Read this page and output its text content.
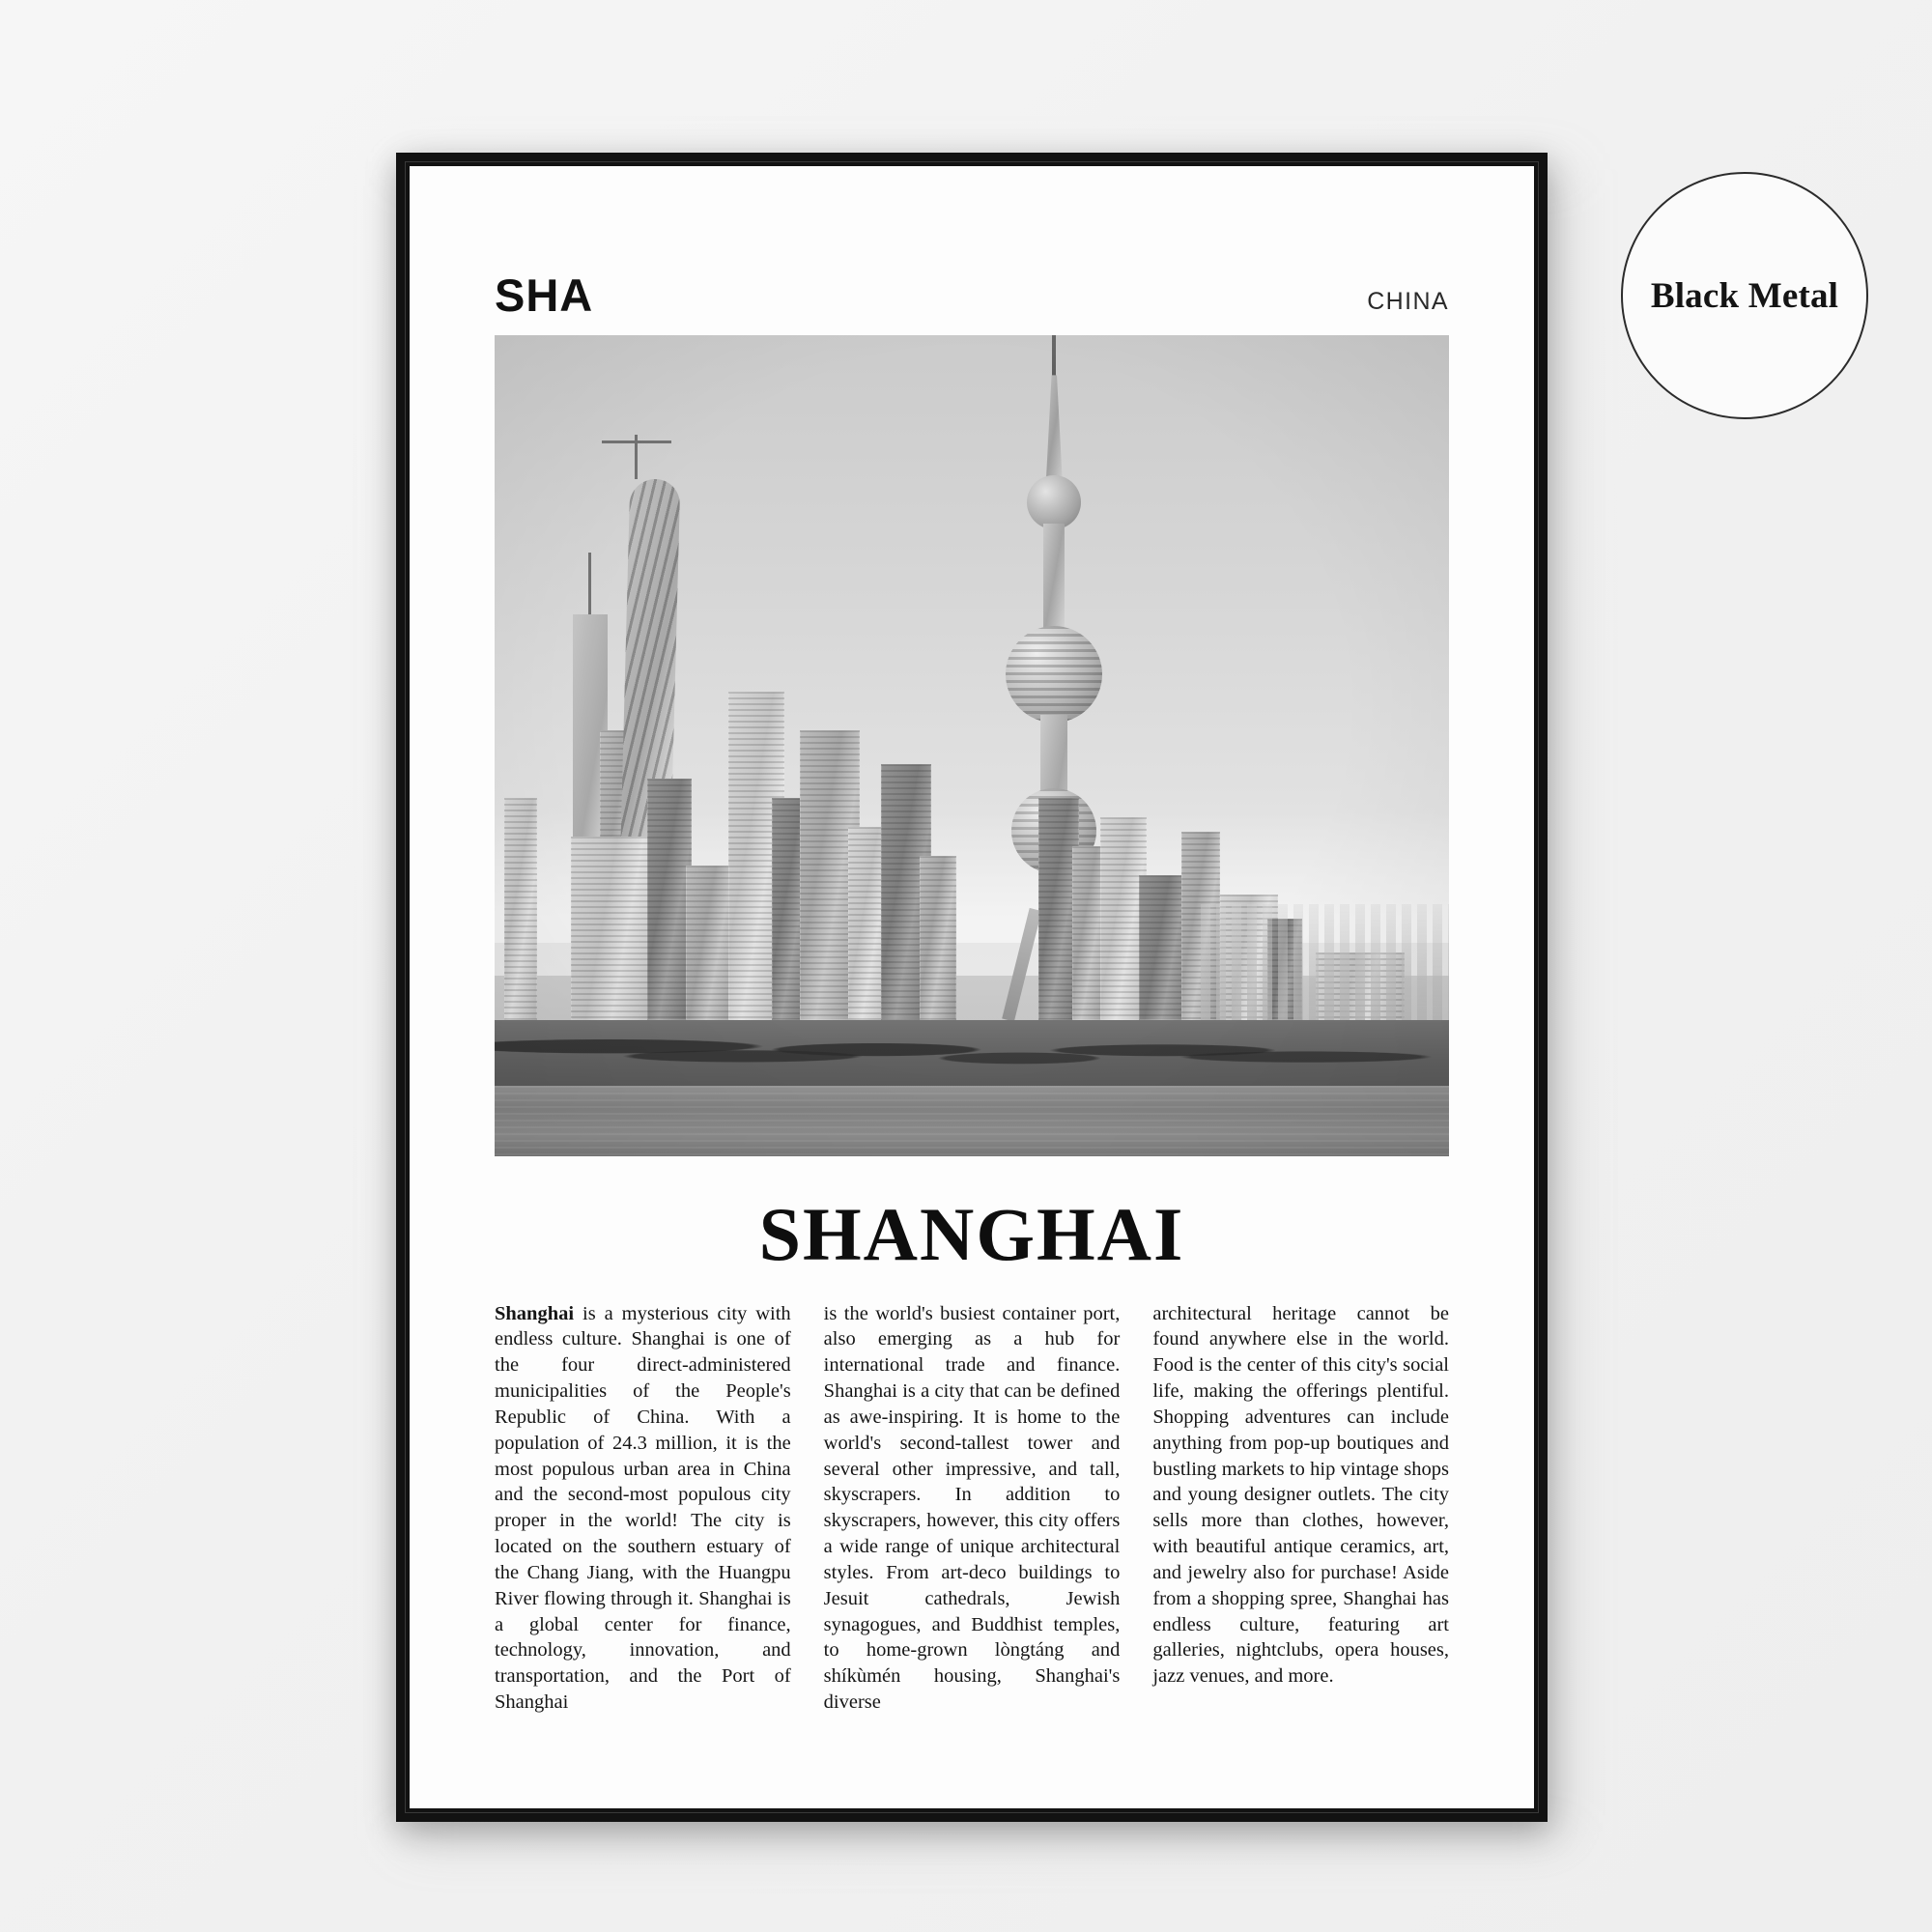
Black Metal
SHA	CHINA
SHANGHAI

Shanghai is a mysterious city with endless culture. Shanghai is one of the four direct-administered municipalities of the People's Republic of China. With a population of 24.3 million, it is the most populous urban area in China and the second-most populous city proper in the world! The city is located on the southern estuary of the Chang Jiang, with the Huangpu River flowing through it. Shanghai is a global center for finance, technology, innovation, and transportation, and the Port of Shanghai

is the world's busiest container port, also emerging as a hub for international trade and finance. Shanghai is a city that can be defined as awe-inspiring. It is home to the world's second-tallest tower and several other impressive, and tall, skyscrapers. In addition to skyscrapers, however, this city offers a wide range of unique architectural styles. From art-deco buildings to Jesuit cathedrals, Jewish synagogues, and Buddhist temples, to home-grown lòngtáng and shíkùmén housing, Shanghai's diverse

architectural heritage cannot be found anywhere else in the world. Food is the center of this city's social life, making the offerings plentiful. Shopping adventures can include anything from pop-up boutiques and bustling markets to hip vintage shops and young designer outlets. The city sells more than clothes, however, with beautiful antique ceramics, art, and jewelry also for purchase! Aside from a shopping spree, Shanghai has endless culture, featuring art galleries, nightclubs, opera houses, jazz venues, and more.
